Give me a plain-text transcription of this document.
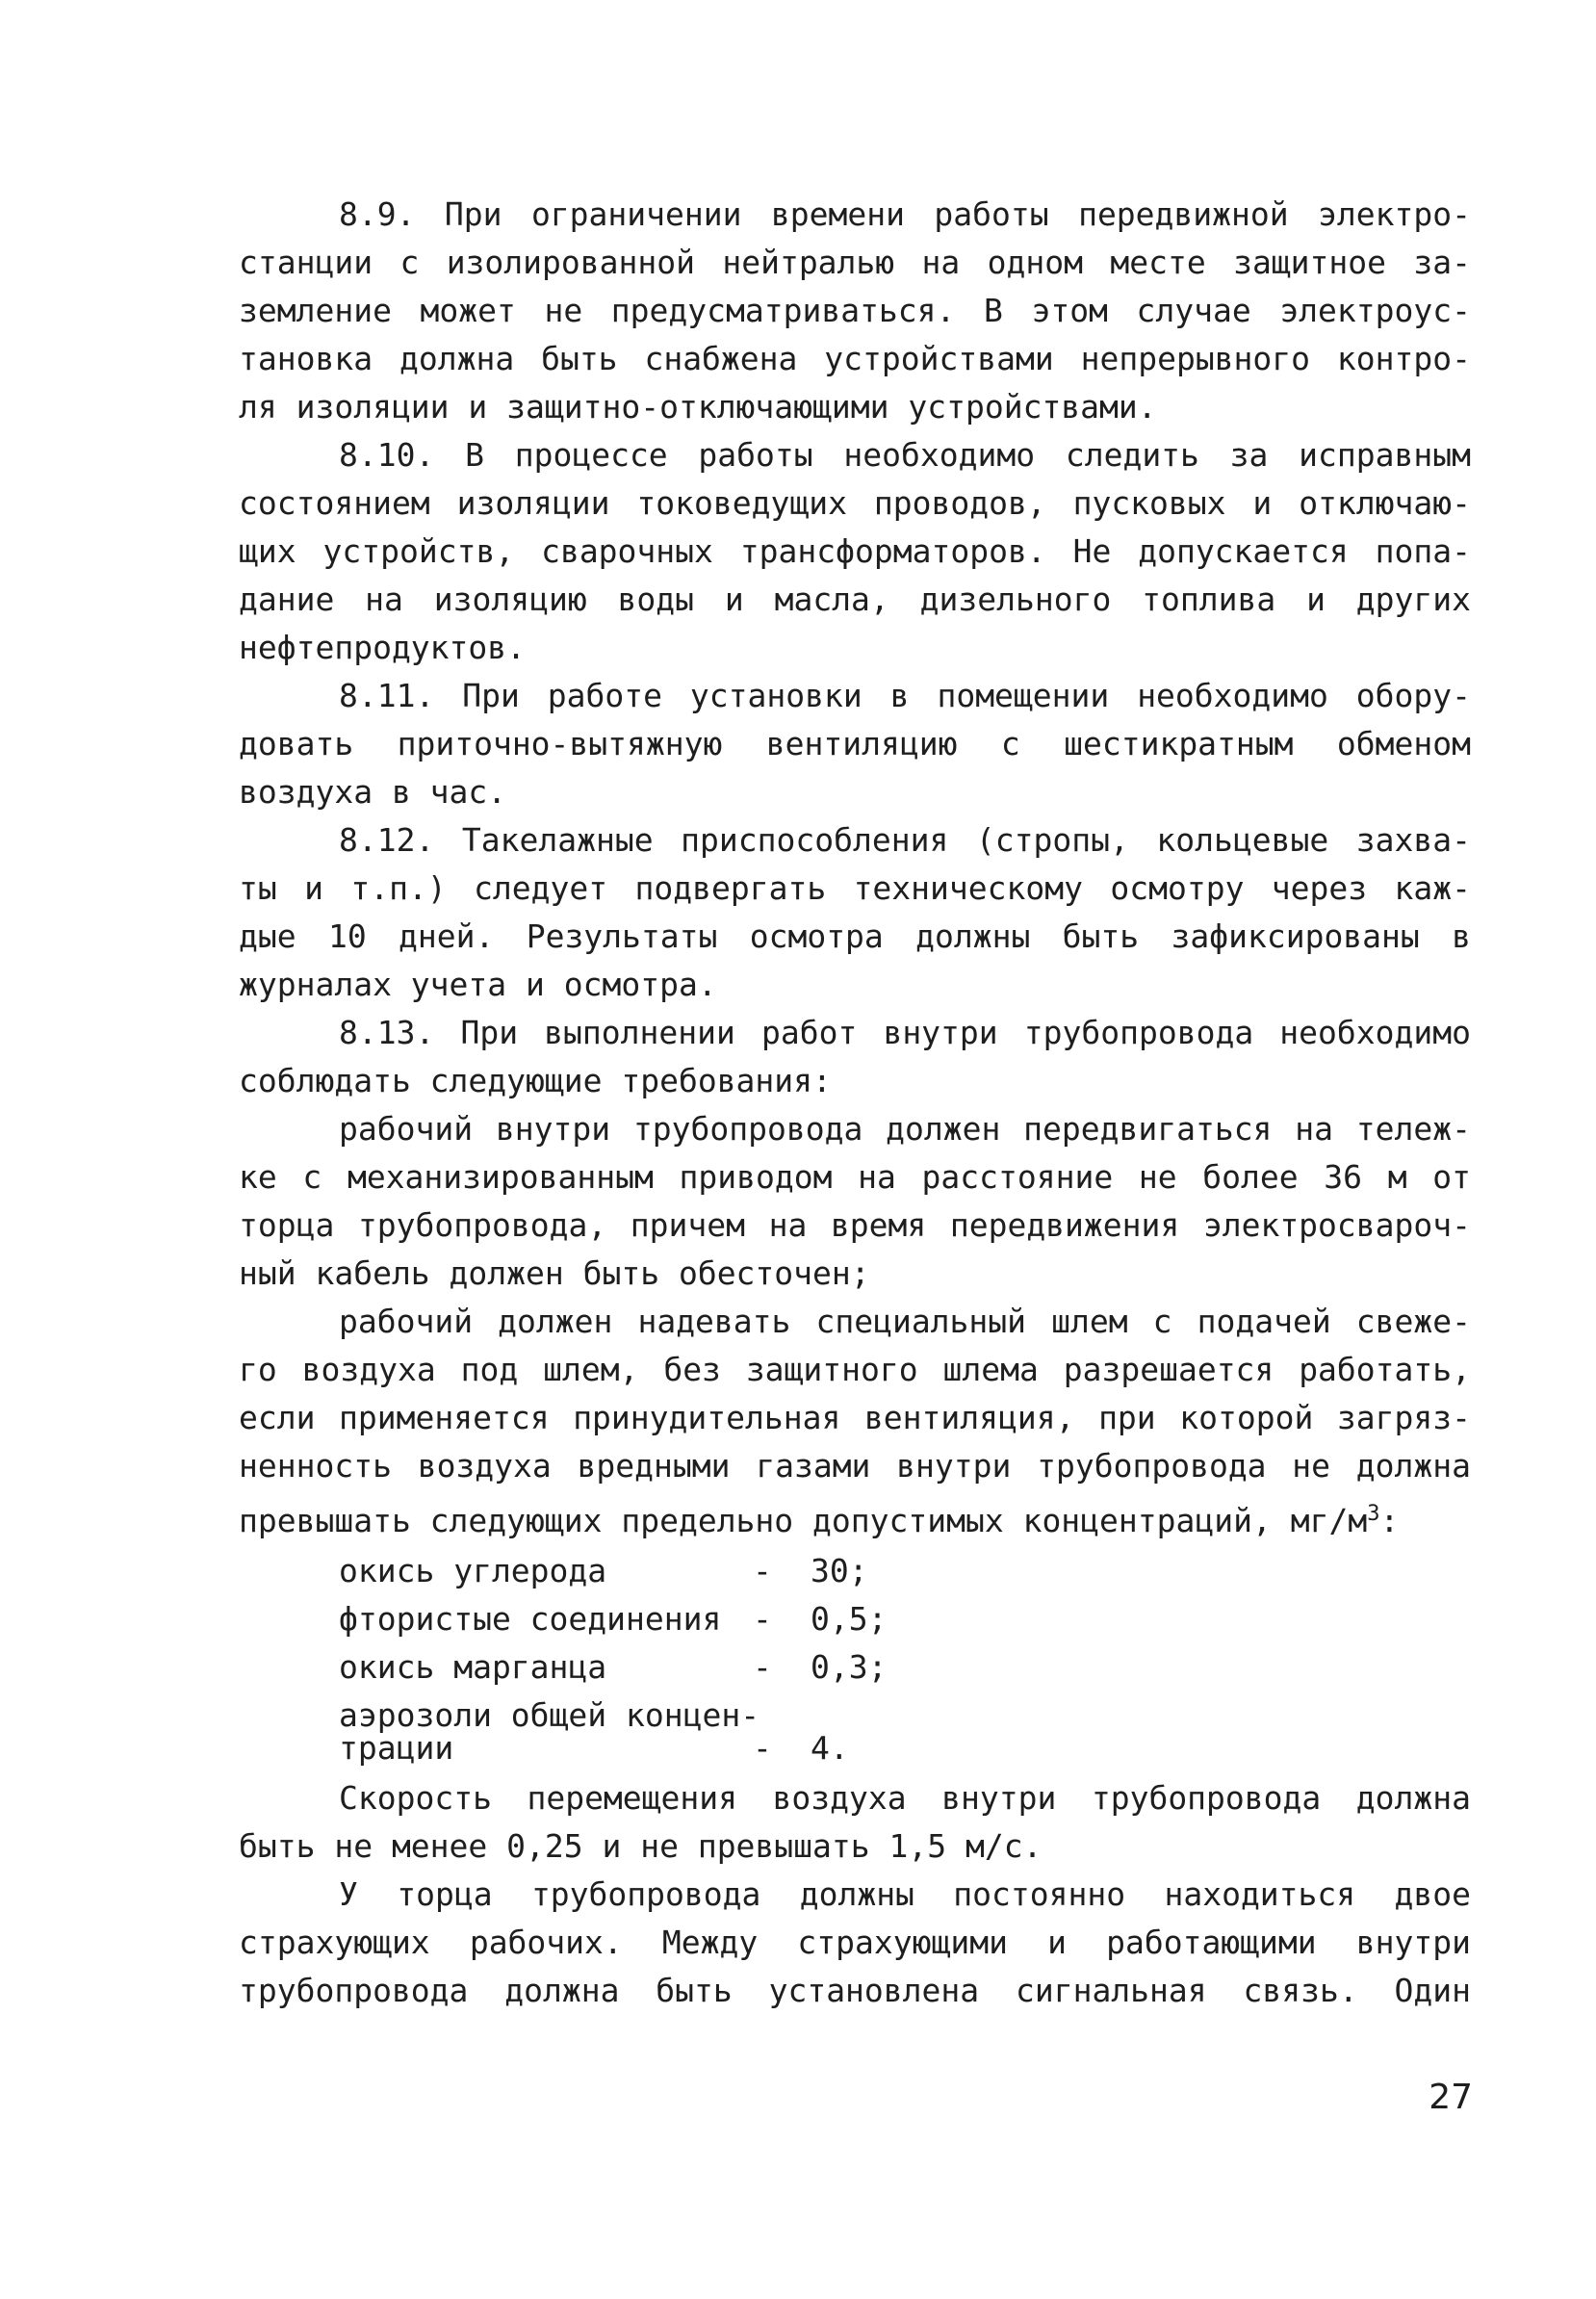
8.9. При ограничении времени работы передвижной электро-
станции с изолированной нейтралью на одном месте защитное за-
земление может не предусматриваться. В этом случае электроус-
тановка должна быть снабжена устройствами непрерывного контро-
ля изоляции и защитно-отключающими устройствами.

8.10. В процессе работы необходимо следить за исправным
состоянием изоляции токоведущих проводов, пусковых и отключаю-
щих устройств, сварочных трансформаторов. Не допускается попа-
дание на изоляцию воды и масла, дизельного топлива и других
нефтепродуктов.

8.11. При работе установки в помещении необходимо обору-
довать приточно-вытяжную вентиляцию с шестикратным обменом
воздуха в час.

8.12. Такелажные приспособления (стропы, кольцевые захва-
ты и т.п.) следует подвергать техническому осмотру через каж-
дые 10 дней. Результаты осмотра должны быть зафиксированы в
журналах учета и осмотра.

8.13. При выполнении работ внутри трубопровода необходимо
соблюдать следующие требования:

рабочий внутри трубопровода должен передвигаться на тележ-
ке с механизированным приводом на расстояние не более 36 м от
торца трубопровода, причем на время передвижения электросвароч-
ный кабель должен быть обесточен;

рабочий должен надевать специальный шлем с подачей свеже-
го воздуха под шлем, без защитного шлема разрешается работать,
если применяется принудительная вентиляция, при которой загряз-
ненность воздуха вредными газами внутри трубопровода не должна
превышать следующих предельно допустимых концентраций, $мг/м^3$:

окись углерода	-	30;
фтористые соединения -	0,5;
окись марганца	-	0,3;
аэрозоли общей концен-
трации	-	4.

Скорость перемещения воздуха внутри трубопровода должна
быть не менее 0,25 и не превышать 1,5 м/с.

У торца трубопровода должны постоянно находиться двое
страхующих рабочих. Между страхующими и работающими внутри
трубопровода должна быть установлена сигнальная связь. Один

27
